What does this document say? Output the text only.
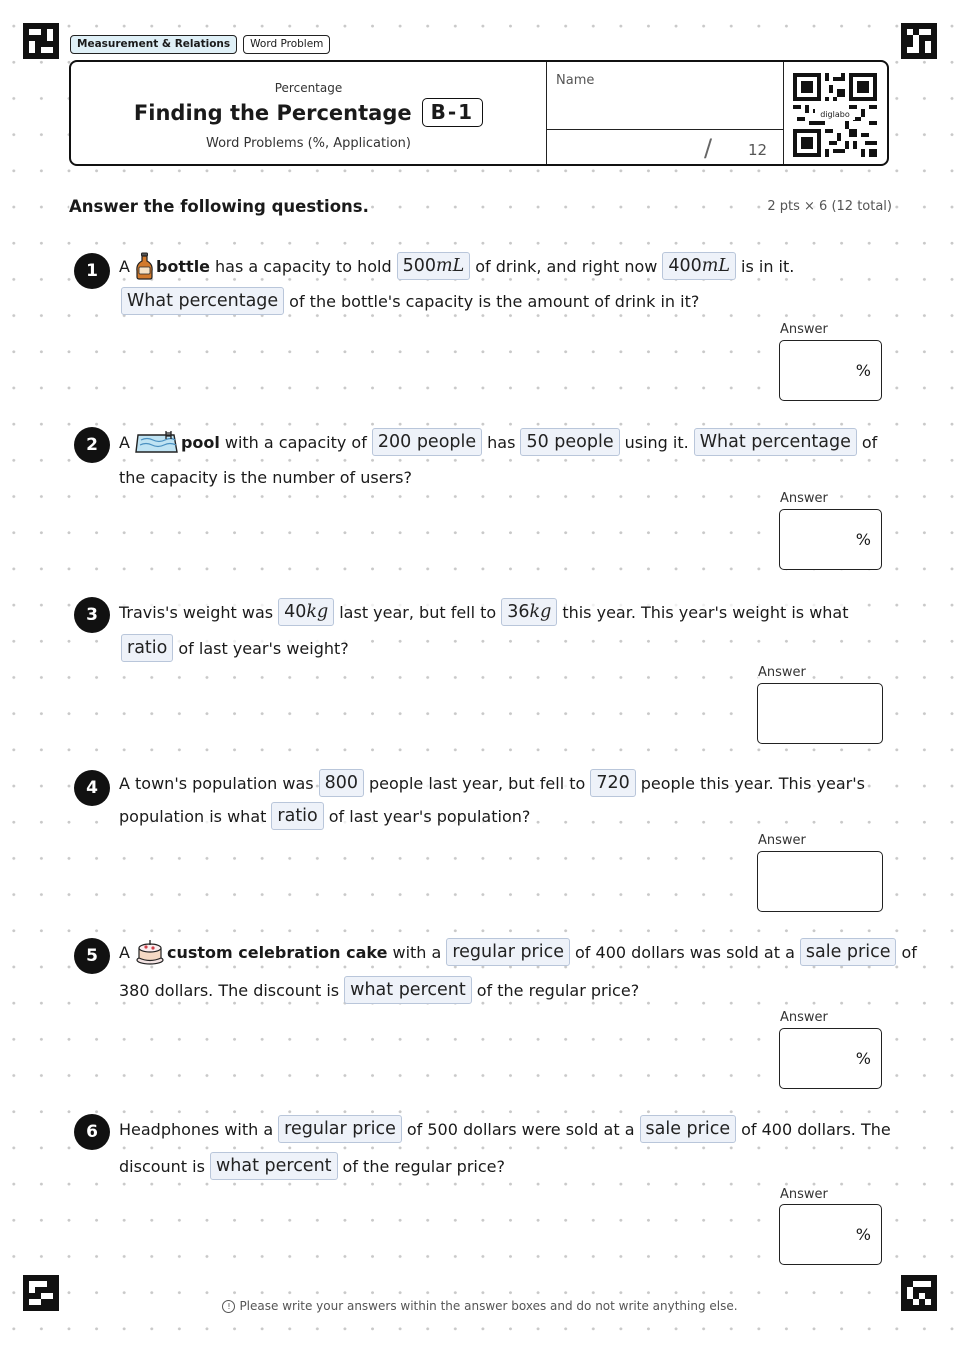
Measurement & Relations	Word Problem
Percentage
Finding the Percentage B-1
Word Problems (%, Application)
Name
/ 12
diglabo
Answer the following questions.	2 pts × 6 (12 total)
1	A bottle has a capacity to hold 500mL of drink, and right now 400mL is in it.
What percentage of the bottle's capacity is the amount of drink in it?
Answer
%
2	A	pool with a capacity of 200 people has 50 people using it. What percentage of
the capacity is the number of users?
Answer
%
3	Travis's weight was 40kg last year, but fell to 36kg this year. This year's weight is what
ratio of last year's weight?
Answer
4	A town's population was 800 people last year, but fell to 720 people this year. This year's
population is what ratio of last year's population?
Answer
5	A custom celebration cake with a regular price of 400 dollars was sold at a sale price of
380 dollars. The discount is what percent of the regular price?
Answer
%
6	Headphones with a regular price of 500 dollars were sold at a sale price of 400 dollars. The
discount is what percent of the regular price?
Answer
%
! Please write your answers within the answer boxes and do not write anything else.
